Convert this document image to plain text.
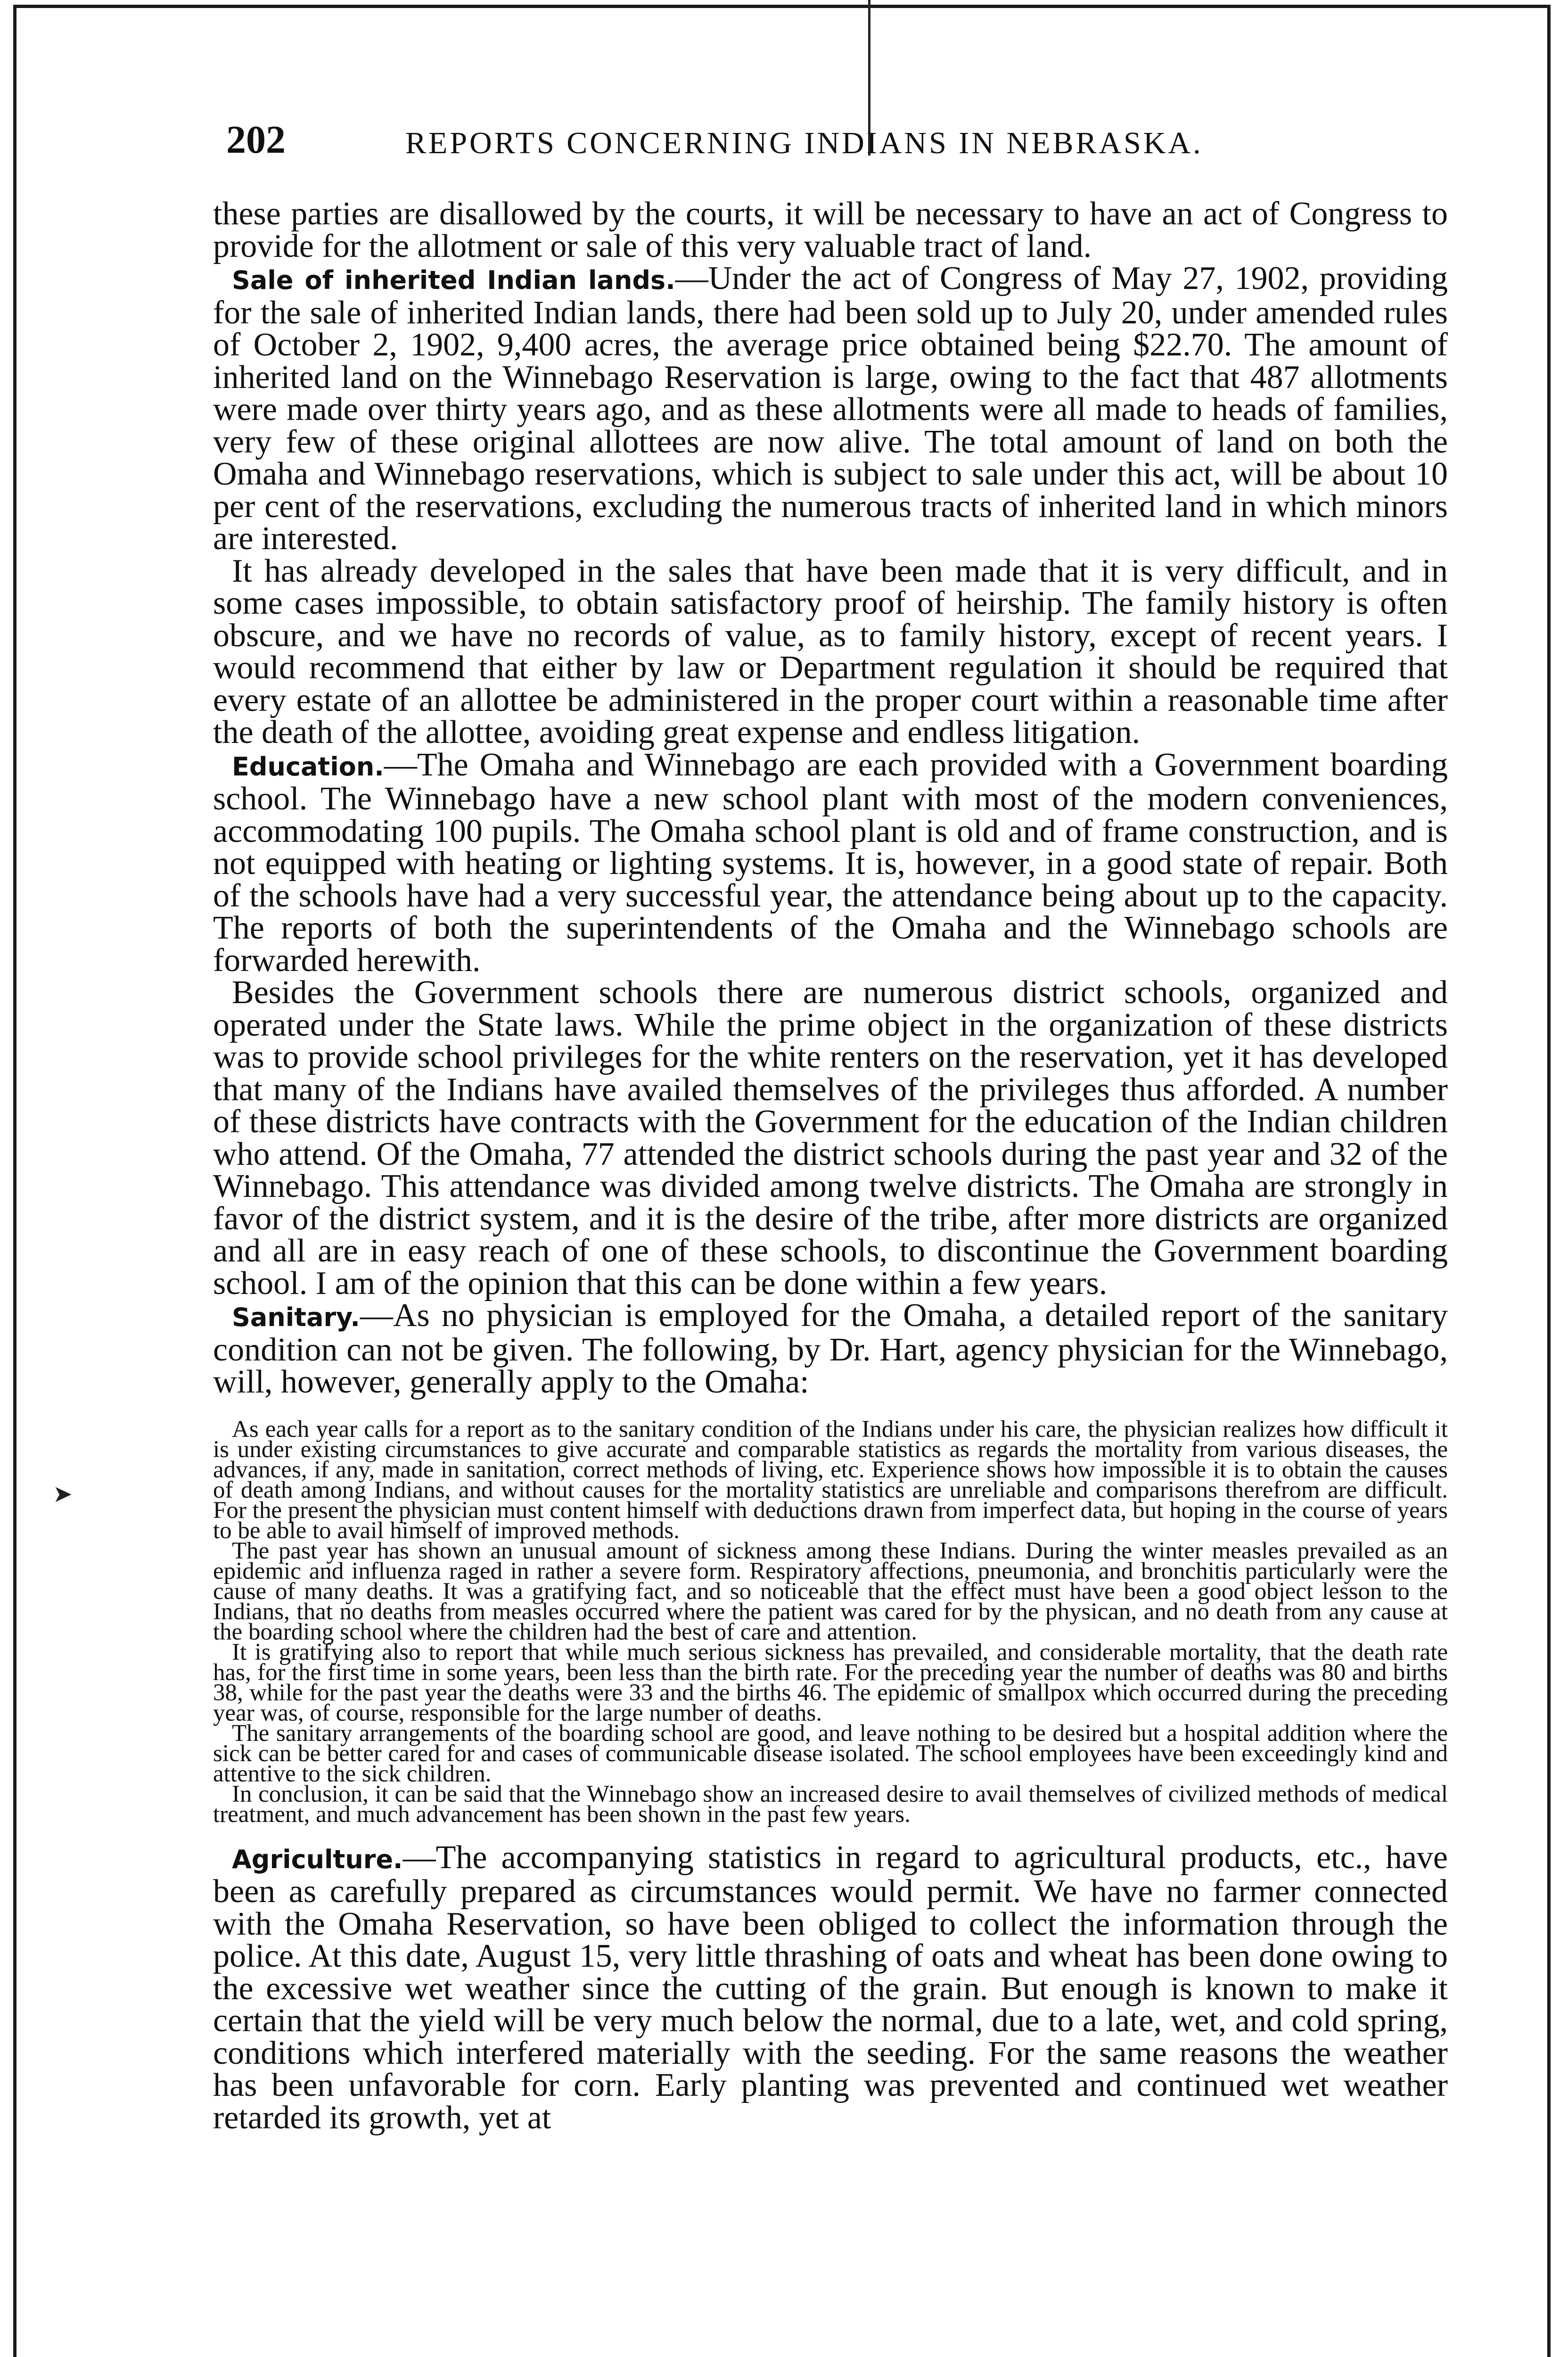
➤
202	REPORTS CONCERNING INDIANS IN NEBRASKA.

these parties are disallowed by the courts, it will be necessary to have an act of Congress to provide for the allotment or sale of this very valuable tract of land.

Sale of inherited Indian lands.—Under the act of Congress of May 27, 1902, providing for the sale of inherited Indian lands, there had been sold up to July 20, under amended rules of October 2, 1902, 9,400 acres, the average price obtained being $22.70. The amount of inherited land on the Winnebago Reservation is large, owing to the fact that 487 allotments were made over thirty years ago, and as these allotments were all made to heads of families, very few of these original allottees are now alive. The total amount of land on both the Omaha and Winnebago reservations, which is subject to sale under this act, will be about 10 per cent of the reservations, excluding the numerous tracts of inherited land in which minors are interested.

It has already developed in the sales that have been made that it is very difficult, and in some cases impossible, to obtain satisfactory proof of heirship. The family history is often obscure, and we have no records of value, as to family history, except of recent years. I would recommend that either by law or Department regulation it should be required that every estate of an allottee be administered in the proper court within a reasonable time after the death of the allottee, avoiding great expense and endless litigation.

Education.—The Omaha and Winnebago are each provided with a Government boarding school. The Winnebago have a new school plant with most of the modern conveniences, accommodating 100 pupils. The Omaha school plant is old and of frame construction, and is not equipped with heating or lighting systems. It is, however, in a good state of repair. Both of the schools have had a very successful year, the attendance being about up to the capacity. The reports of both the superintendents of the Omaha and the Winnebago schools are forwarded herewith.

Besides the Government schools there are numerous district schools, organized and operated under the State laws. While the prime object in the organization of these districts was to provide school privileges for the white renters on the reservation, yet it has developed that many of the Indians have availed themselves of the privileges thus afforded. A number of these districts have contracts with the Government for the education of the Indian children who attend. Of the Omaha, 77 attended the district schools during the past year and 32 of the Winnebago. This attendance was divided among twelve districts. The Omaha are strongly in favor of the district system, and it is the desire of the tribe, after more districts are organized and all are in easy reach of one of these schools, to discontinue the Government boarding school. I am of the opinion that this can be done within a few years.

Sanitary.—As no physician is employed for the Omaha, a detailed report of the sanitary condition can not be given. The following, by Dr. Hart, agency physician for the Winnebago, will, however, generally apply to the Omaha:

As each year calls for a report as to the sanitary condition of the Indians under his care, the physician realizes how difficult it is under existing circumstances to give accurate and comparable statistics as regards the mortality from various diseases, the advances, if any, made in sanitation, correct methods of living, etc. Experience shows how impossible it is to obtain the causes of death among Indians, and without causes for the mortality statistics are unreliable and comparisons therefrom are difficult. For the present the physician must content himself with deductions drawn from imperfect data, but hoping in the course of years to be able to avail himself of improved methods.

The past year has shown an unusual amount of sickness among these Indians. During the winter measles prevailed as an epidemic and influenza raged in rather a severe form. Respiratory affections, pneumonia, and bronchitis particularly were the cause of many deaths. It was a gratifying fact, and so noticeable that the effect must have been a good object lesson to the Indians, that no deaths from measles occurred where the patient was cared for by the physican, and no death from any cause at the boarding school where the children had the best of care and attention.

It is gratifying also to report that while much serious sickness has prevailed, and considerable mortality, that the death rate has, for the first time in some years, been less than the birth rate. For the preceding year the number of deaths was 80 and births 38, while for the past year the deaths were 33 and the births 46. The epidemic of smallpox which occurred during the preceding year was, of course, responsible for the large number of deaths.

The sanitary arrangements of the boarding school are good, and leave nothing to be desired but a hospital addition where the sick can be better cared for and cases of communicable disease isolated. The school employees have been exceedingly kind and attentive to the sick children.

In conclusion, it can be said that the Winnebago show an increased desire to avail themselves of civilized methods of medical treatment, and much advancement has been shown in the past few years.

Agriculture.—The accompanying statistics in regard to agricultural products, etc., have been as carefully prepared as circumstances would permit. We have no farmer connected with the Omaha Reservation, so have been obliged to collect the information through the police. At this date, August 15, very little thrashing of oats and wheat has been done owing to the excessive wet weather since the cutting of the grain. But enough is known to make it certain that the yield will be very much below the normal, due to a late, wet, and cold spring, conditions which interfered materially with the seeding. For the same reasons the weather has been unfavorable for corn. Early planting was prevented and continued wet weather retarded its growth, yet at
